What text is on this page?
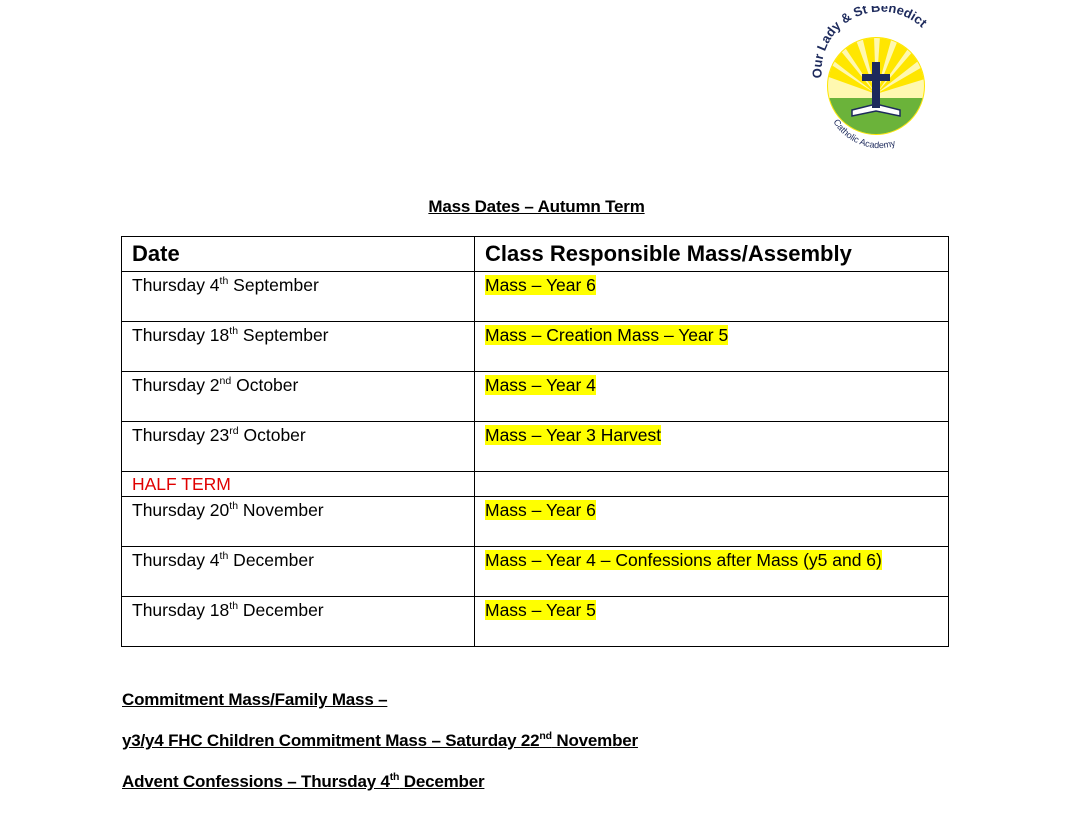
Our Lady & St Benedict
Catholic Academy
Mass Dates – Autumn Term
Date	Class Responsible Mass/Assembly
Thursday 4th September	Mass – Year 6
Thursday 18th September	Mass – Creation Mass – Year 5
Thursday 2nd October	Mass – Year 4
Thursday 23rd October	Mass – Year 3 Harvest
HALF TERM	
Thursday 20th November	Mass – Year 6
Thursday 4th December	Mass – Year 4 – Confessions after Mass (y5 and 6)
Thursday 18th December	Mass – Year 5
Commitment Mass/Family Mass –
y3/y4 FHC Children Commitment Mass – Saturday 22nd November
Advent Confessions – Thursday 4th December
